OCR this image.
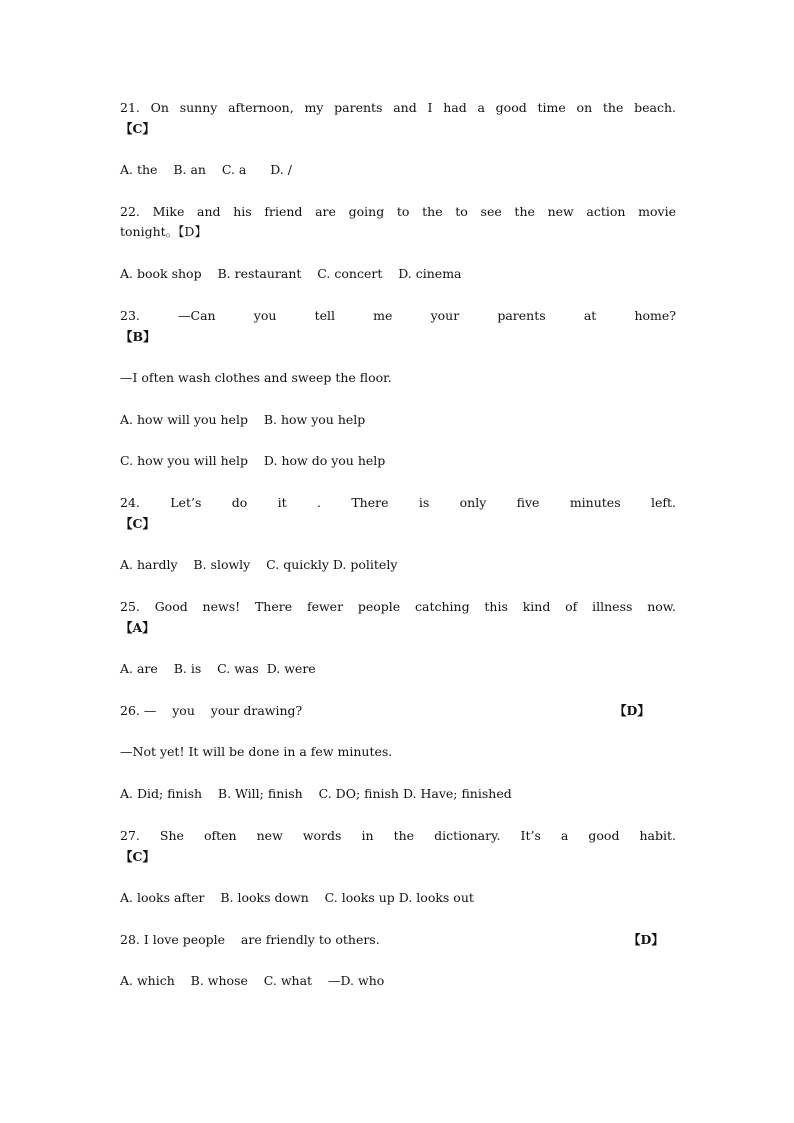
21. On sunny afternoon, my parents and I had a good time on the beach.
【C】
A. the    B. an    C. a      D. /
22. Mike and his friend are going to the to see the new action movie
tonight。【D】
A. book shop    B. restaurant    C. concert    D. cinema
23. —Can you tell me your parents at home?
【B】
—I often wash clothes and sweep the floor.
A. how will you help    B. how you help
C. how you will help    D. how do you help
24. Let’s do it . There is only five minutes left.
【C】
A. hardly    B. slowly    C. quickly D. politely
25. Good news! There fewer people catching this kind of illness now.
【A】
A. are    B. is    C. was  D. were
26. —    you    your drawing?	【D】
—Not yet! It will be done in a few minutes.
A. Did; finish    B. Will; finish    C. DO; finish D. Have; finished
27. She often new words in the dictionary. It’s a good habit.
【C】
A. looks after    B. looks down    C. looks up D. looks out
28. I love people    are friendly to others.	【D】
A. which    B. whose    C. what    —D. who
